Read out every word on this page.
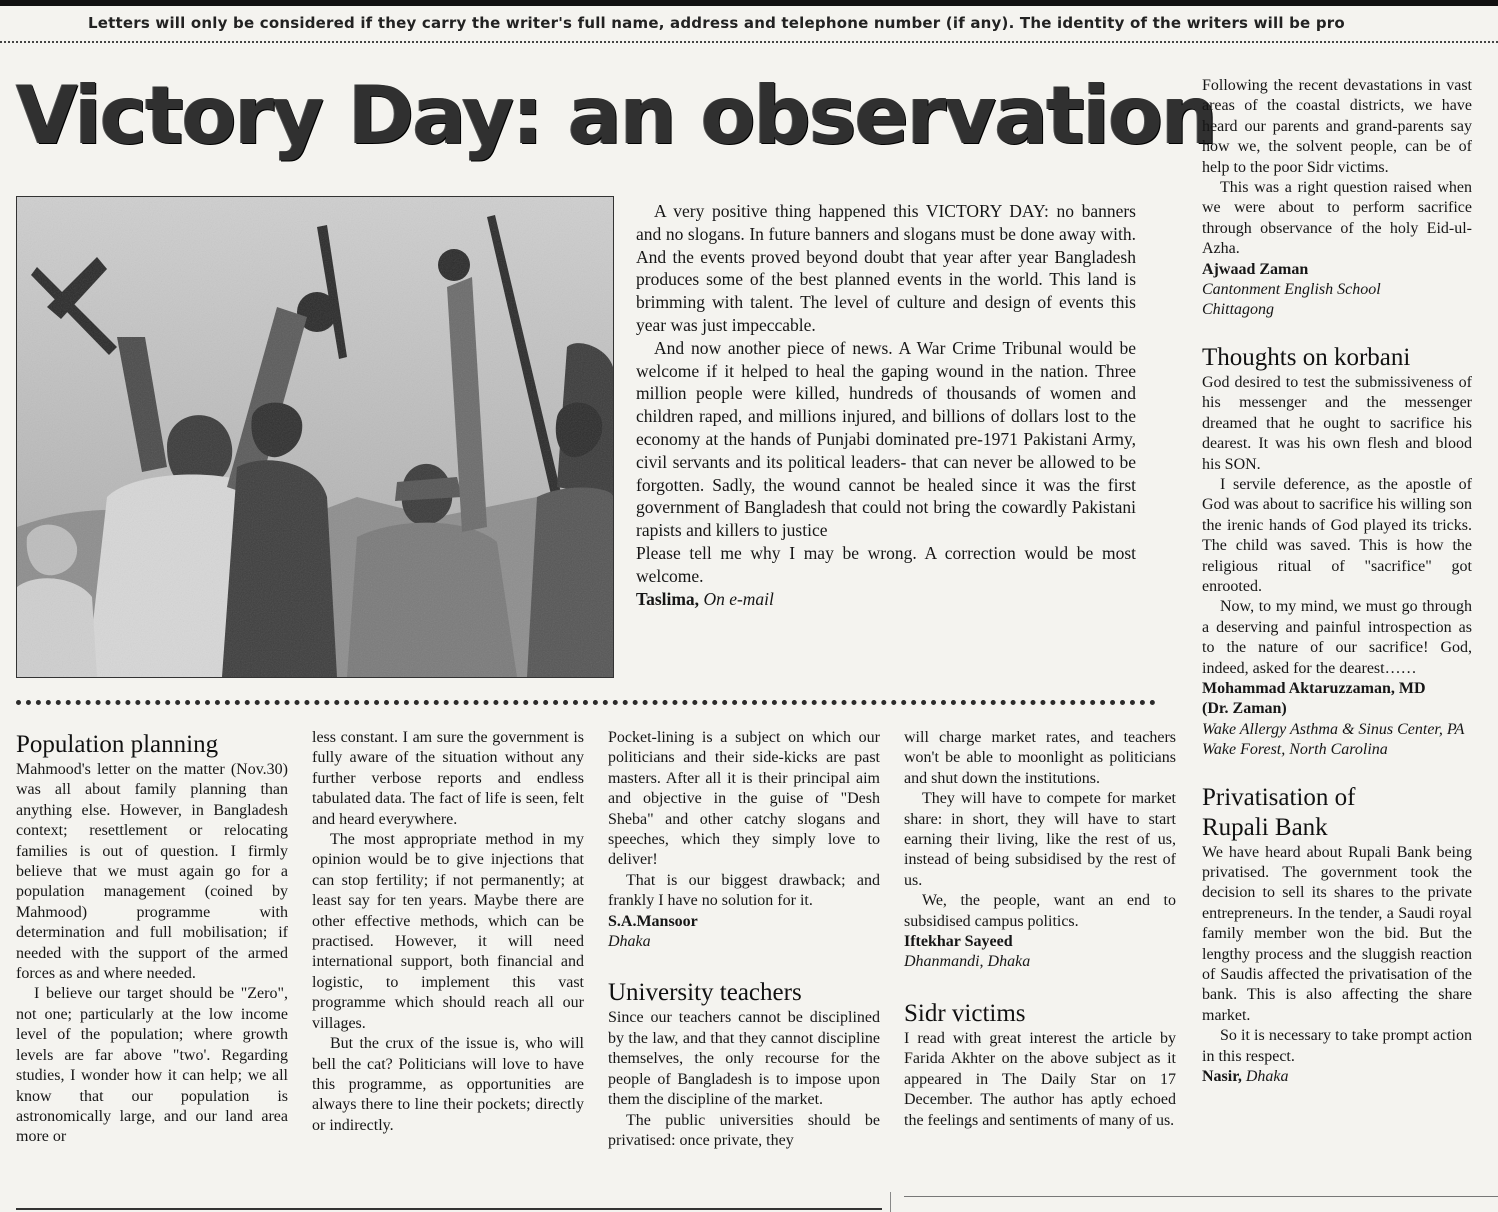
Letters will only be considered if they carry the writer's full name, address and telephone number (if any). The identity of the writers will be pro
Victory Day: an observation

A very positive thing happened this VICTORY DAY: no banners and no slogans. In future banners and slogans must be done away with. And the events proved beyond doubt that year after year Bangladesh produces some of the best planned events in the world. This land is brimming with talent. The level of culture and design of events this year was just impeccable.

And now another piece of news. A War Crime Tribunal would be welcome if it helped to heal the gaping wound in the nation. Three million people were killed, hundreds of thousands of women and children raped, and millions injured, and billions of dollars lost to the economy at the hands of Punjabi dominated pre-1971 Pakistani Army, civil servants and its political leaders- that can never be allowed to be forgotten. Sadly, the wound cannot be healed since it was the first government of Bangladesh that could not bring the cowardly Pakistani rapists and killers to justice

Please tell me why I may be wrong. A correction would be most welcome.

Taslima, On e-mail

Population planning

Mahmood's letter on the matter (Nov.30) was all about family planning than anything else. However, in Bangladesh context; resettlement or relocating families is out of question. I firmly believe that we must again go for a population management (coined by Mahmood) programme with determination and full mobilisation; if needed with the support of the armed forces as and where needed.

I believe our target should be "Zero", not one; particularly at the low income level of the population; where growth levels are far above "two'. Regarding studies, I wonder how it can help; we all know that our population is astronomically large, and our land area more or

less constant. I am sure the government is fully aware of the situation without any further verbose reports and endless tabulated data. The fact of life is seen, felt and heard everywhere.

The most appropriate method in my opinion would be to give injections that can stop fertility; if not permanently; at least say for ten years. Maybe there are other effective methods, which can be practised. However, it will need international support, both financial and logistic, to implement this vast programme which should reach all our villages.

But the crux of the issue is, who will bell the cat? Politicians will love to have this programme, as opportunities are always there to line their pockets; directly or indirectly.

Pocket-lining is a subject on which our politicians and their side-kicks are past masters. After all it is their principal aim and objective in the guise of "Desh Sheba" and other catchy slogans and speeches, which they simply love to deliver!

That is our biggest drawback; and frankly I have no solution for it.

S.A.Mansoor

Dhaka

University teachers

Since our teachers cannot be disciplined by the law, and that they cannot discipline themselves, the only recourse for the people of Bangladesh is to impose upon them the discipline of the market.

The public universities should be privatised: once private, they

will charge market rates, and teachers won't be able to moonlight as politicians and shut down the institutions.

They will have to compete for market share: in short, they will have to start earning their living, like the rest of us, instead of being subsidised by the rest of us.

We, the people, want an end to subsidised campus politics.

Iftekhar Sayeed

Dhanmandi, Dhaka

Sidr victims

I read with great interest the article by Farida Akhter on the above subject as it appeared in The Daily Star on 17 December. The author has aptly echoed the feelings and sentiments of many of us.

Following the recent devastations in vast areas of the coastal districts, we have heard our parents and grand-parents say how we, the solvent people, can be of help to the poor Sidr victims.

This was a right question raised when we were about to perform sacrifice through observance of the holy Eid-ul-Azha.

Ajwaad Zaman

Cantonment English School

Chittagong

Thoughts on korbani

God desired to test the submissiveness of his messenger and the messenger dreamed that he ought to sacrifice his dearest. It was his own flesh and blood his SON.

I servile deference, as the apostle of God was about to sacrifice his willing son the irenic hands of God played its tricks. The child was saved. This is how the religious ritual of "sacrifice" got enrooted.

Now, to my mind, we must go through a deserving and painful introspection as to the nature of our sacrifice! God, indeed, asked for the dearest……

Mohammad Aktaruzzaman, MD

(Dr. Zaman)

Wake Allergy Asthma & Sinus Center, PA

Wake Forest, North Carolina

Privatisation of
Rupali Bank

We have heard about Rupali Bank being privatised. The government took the decision to sell its shares to the private entrepreneurs. In the tender, a Saudi royal family member won the bid. But the lengthy process and the sluggish reaction of Saudis affected the privatisation of the bank. This is also affecting the share market.

So it is necessary to take prompt action in this respect.

Nasir, Dhaka
